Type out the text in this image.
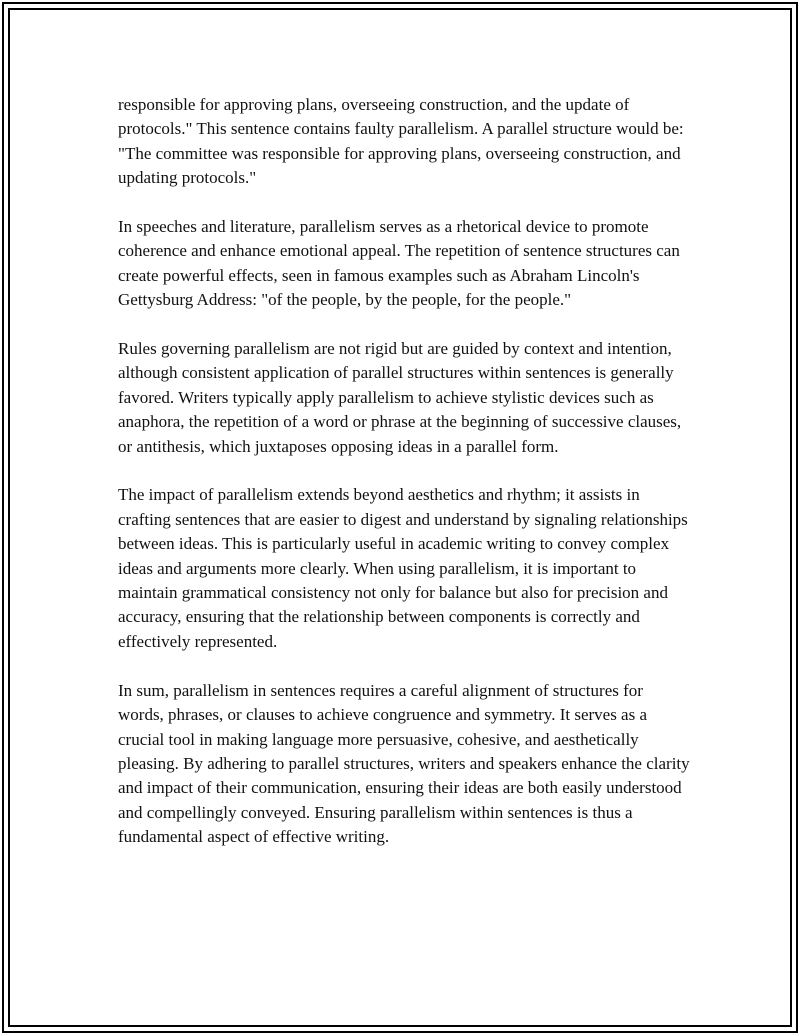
responsible for approving plans, overseeing construction, and the update of protocols." This sentence contains faulty parallelism. A parallel structure would be: "The committee was responsible for approving plans, overseeing construction, and updating protocols."

In speeches and literature, parallelism serves as a rhetorical device to promote coherence and enhance emotional appeal. The repetition of sentence structures can create powerful effects, seen in famous examples such as Abraham Lincoln's Gettysburg Address: "of the people, by the people, for the people."

Rules governing parallelism are not rigid but are guided by context and intention, although consistent application of parallel structures within sentences is generally favored. Writers typically apply parallelism to achieve stylistic devices such as anaphora, the repetition of a word or phrase at the beginning of successive clauses, or antithesis, which juxtaposes opposing ideas in a parallel form.

The impact of parallelism extends beyond aesthetics and rhythm; it assists in crafting sentences that are easier to digest and understand by signaling relationships between ideas. This is particularly useful in academic writing to convey complex ideas and arguments more clearly. When using parallelism, it is important to maintain grammatical consistency not only for balance but also for precision and accuracy, ensuring that the relationship between components is correctly and effectively represented.

In sum, parallelism in sentences requires a careful alignment of structures for words, phrases, or clauses to achieve congruence and symmetry. It serves as a crucial tool in making language more persuasive, cohesive, and aesthetically pleasing. By adhering to parallel structures, writers and speakers enhance the clarity and impact of their communication, ensuring their ideas are both easily understood and compellingly conveyed. Ensuring parallelism within sentences is thus a fundamental aspect of effective writing.
